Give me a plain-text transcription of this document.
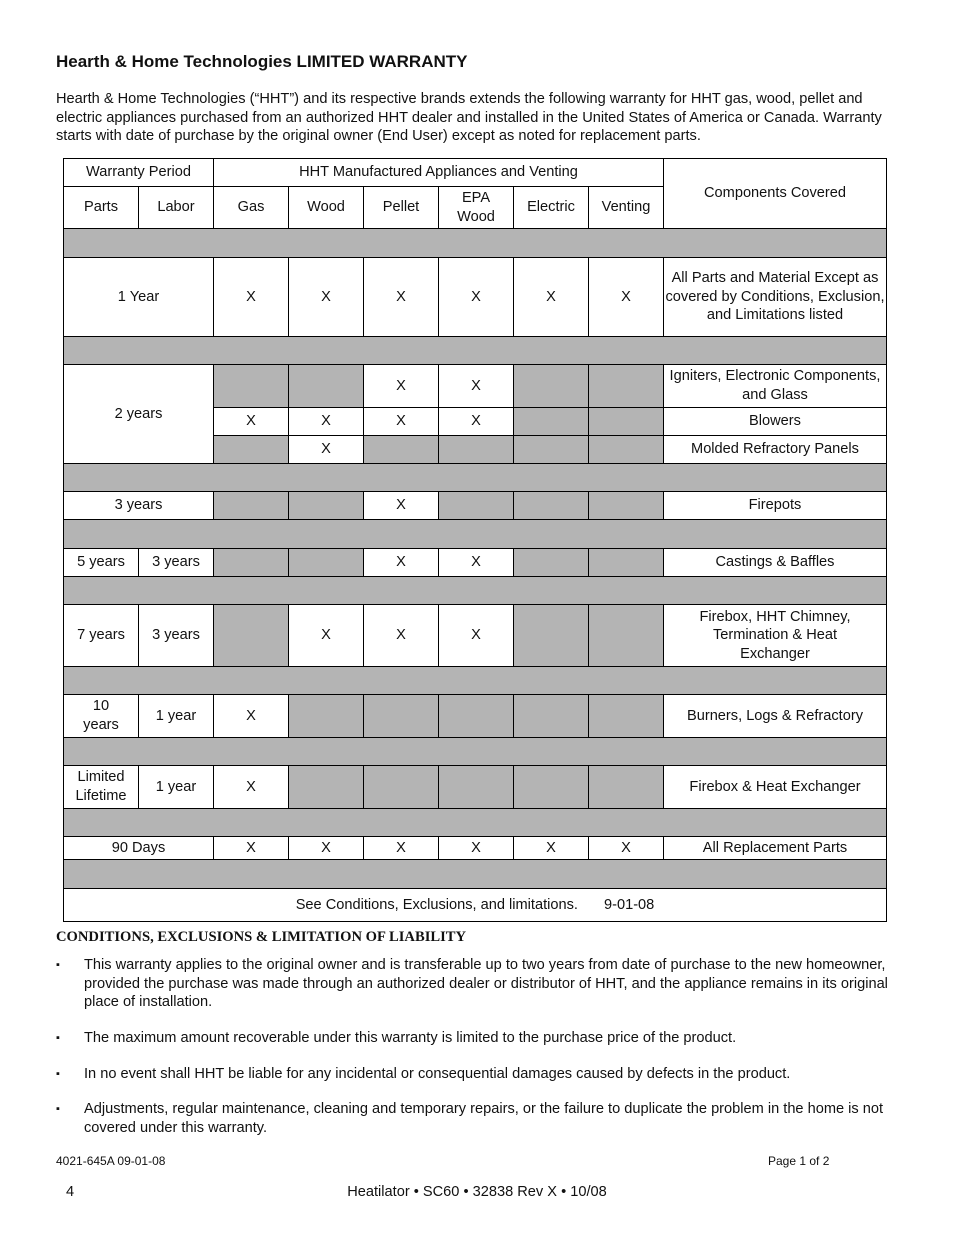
Hearth & Home Technologies LIMITED WARRANTY
Hearth & Home Technologies (“HHT”) and its respective brands extends the following warranty for HHT gas, wood, pellet and electric appliances purchased from an authorized HHT dealer and installed in the United States of America or Canada. Warranty starts with date of purchase by the original owner (End User) except as noted for replacement parts.
Warranty Period		HHT Manufactured Appliances and Venting						Components Covered
Parts	Labor	Gas	Wood	Pellet	EPA Wood	Electric	Venting	

1 Year		X	X	X	X	X	X	All Parts and Material Except as covered by Conditions, Exclusion, and Limitations listed

2 years				X	X			Igniters, Electronic Components, and Glass
		X	X	X	X			Blowers
			X					Molded Refractory Panels

3 years				X				Firepots

5 years	3 years			X	X			Castings & Baffles

7 years	3 years		X	X	X			Firebox, HHT Chimney, Termination & Heat Exchanger

10 years	1 year	X						Burners, Logs & Refractory

Limited Lifetime	1 year	X						Firebox & Heat Exchanger

90 Days		X	X	X	X	X	X	All Replacement Parts

See Conditions, Exclusions, and limitations. 9-01-08								
CONDITIONS, EXCLUSIONS & LIMITATION OF LIABILITY
▪ This warranty applies to the original owner and is transferable up to two years from date of purchase to the new homeowner, provided the purchase was made through an authorized dealer or distributor of HHT, and the appliance remains in its original place of installation.
▪ The maximum amount recoverable under this warranty is limited to the purchase price of the product.
▪ In no event shall HHT be liable for any incidental or consequential damages caused by defects in the product.
▪ Adjustments, regular maintenance, cleaning and temporary repairs, or the failure to duplicate the problem in the home is not covered under this warranty.
4021-645A 09-01-08	Page 1 of 2
4	Heatilator • SC60 • 32838 Rev X • 10/08
